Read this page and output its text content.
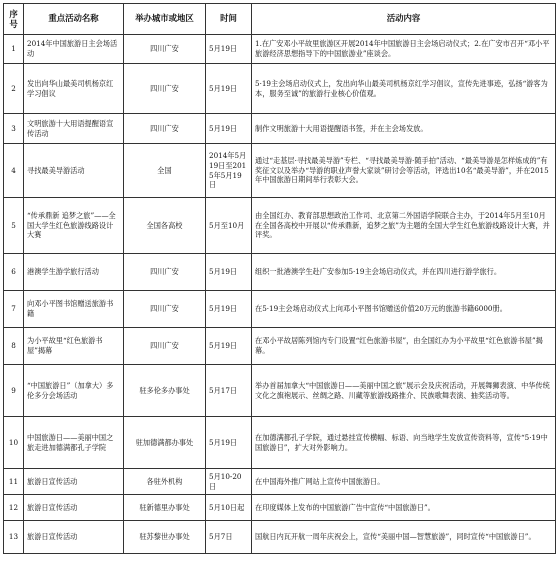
序号	重点活动名称	举办城市或地区	时间	活动内容
1	2014年中国旅游日主会场活动	四川广安	5月19日	1.在广安邓小平故里旅游区开展2014年中国旅游日主会场启动仪式；2.在广安市召开“邓小平旅游经济思想指导下的中国旅游业”座谈会。
2	发出向华山最美司机杨京红学习倡议	四川广安	5月19日	5·19主会场启动仪式上，发出向华山最美司机杨京红学习倡议，宣传先进事迹，弘扬“游客为本，服务至诚”的旅游行业核心价值观。
3	文明旅游十大用语提醒语宣传活动	四川广安	5月19日	制作文明旅游十大用语提醒语书签，并在主会场发放。
4	寻找最美导游活动	全国	2014年5月19日至2015年5月19日	通过“走基层·寻找最美导游”专栏、“寻找最美导游·随手拍”活动、“最美导游是怎样炼成的”有奖征文以及举办“导游的职业声誉大家谈”研讨会等活动，评选出10名“最美导游”，并在2015年中国旅游日期间举行表彰大会。
5	“传承鼎新 追梦之旅”——全国大学生红色旅游线路设计大赛	全国各高校	5月至10月	由全国红办、教育部思想政治工作司、北京第二外国语学院联合主办，于2014年5月至10月在全国各高校中开展以“传承鼎新，追梦之旅”为主题的全国大学生红色旅游线路设计大赛，并评奖。
6	港澳学生游学旅行活动	四川广安	5月19日	组织一批港澳学生赴广安参加5·19主会场启动仪式，并在四川进行游学旅行。
7	向邓小平图书馆赠送旅游书籍	四川广安	5月19日	在5·19主会场启动仪式上向邓小平图书馆赠送价值20万元的旅游书籍6000册。
8	为小平故里“红色旅游书屋”揭幕	四川广安	5月19日	在邓小平故居陈列馆内专门设置“红色旅游书屋”，由全国红办为小平故里“红色旅游书屋”揭幕。
9	“中国旅游日”（加拿大）多伦多分会场活动	驻多伦多办事处	5月17日	举办首届加拿大“中国旅游日——美丽中国之旅”展示会及庆祝活动，开展舞狮表演、中华传统文化之旗袍展示、丝绸之路、川藏等旅游线路推介、民族歌舞表演、抽奖活动等。
10	中国旅游日——美丽中国之旅走进加德满都孔子学院	驻加德满都办事处	5月19日	在加德满都孔子学院，通过悬挂宣传横幅、标语、向当地学生发放宣传资料等，宣传“5·19中国旅游日”，扩大对外影响力。
11	旅游日宣传活动	各驻外机构	5月10-20日	在中国海外推广网站上宣传中国旅游日。
12	旅游日宣传活动	驻新德里办事处	5月10日起	在印度媒体上发布的中国旅游广告中宣传“中国旅游日”。
13	旅游日宣传活动	驻苏黎世办事处	5月7日	国航日内瓦开航一周年庆祝会上，宣传“美丽中国—智慧旅游”，同时宣传“中国旅游日”。
